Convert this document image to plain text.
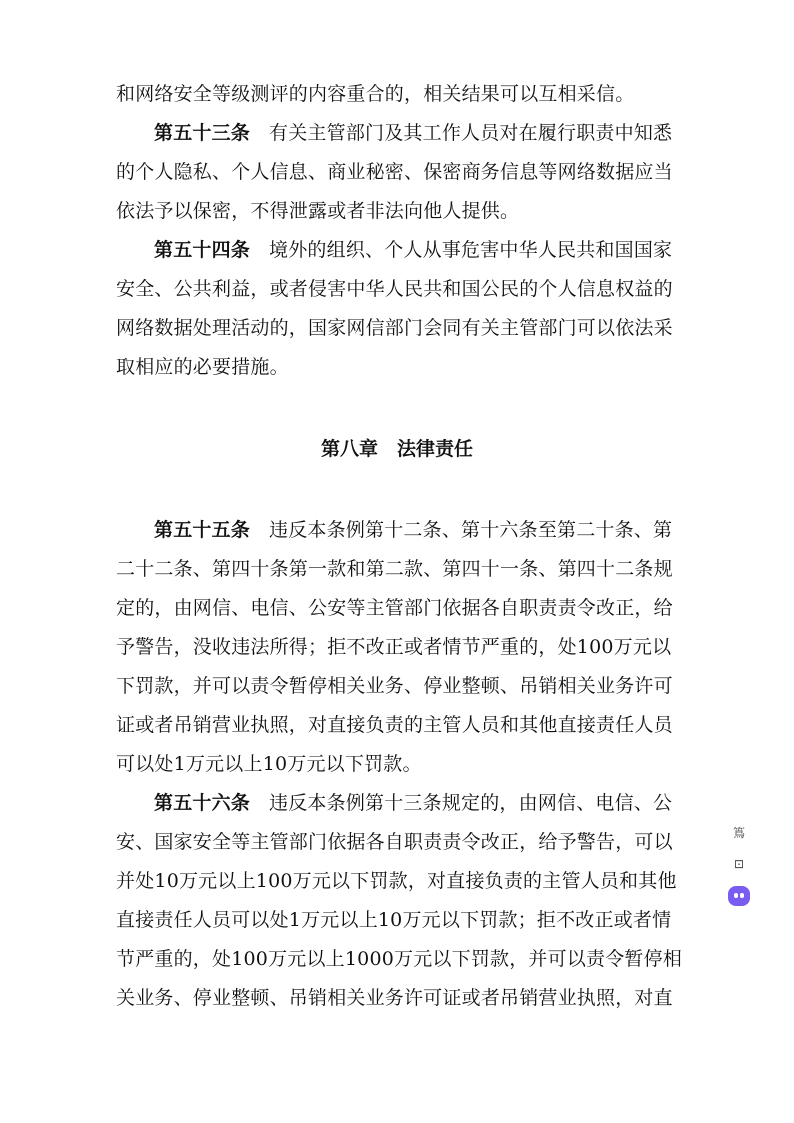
和网络安全等级测评的内容重合的，相关结果可以互相采信。
第五十三条 有关主管部门及其工作人员对在履行职责中知悉
的个人隐私、个人信息、商业秘密、保密商务信息等网络数据应当
依法予以保密，不得泄露或者非法向他人提供。
第五十四条 境外的组织、个人从事危害中华人民共和国国家
安全、公共利益，或者侵害中华人民共和国公民的个人信息权益的
网络数据处理活动的，国家网信部门会同有关主管部门可以依法采
取相应的必要措施。
第八章　法律责任
第五十五条 违反本条例第十二条、第十六条至第二十条、第
二十二条、第四十条第一款和第二款、第四十一条、第四十二条规
定的，由网信、电信、公安等主管部门依据各自职责责令改正，给
予警告，没收违法所得；拒不改正或者情节严重的，处100万元以
下罚款，并可以责令暂停相关业务、停业整顿、吊销相关业务许可
证或者吊销营业执照，对直接负责的主管人员和其他直接责任人员
可以处1万元以上10万元以下罚款。
第五十六条 违反本条例第十三条规定的，由网信、电信、公
安、国家安全等主管部门依据各自职责责令改正，给予警告，可以
并处10万元以上100万元以下罚款，对直接负责的主管人员和其他
直接责任人员可以处1万元以上10万元以下罚款；拒不改正或者情
节严重的，处100万元以上1000万元以下罚款，并可以责令暂停相
关业务、停业整顿、吊销相关业务许可证或者吊销营业执照，对直
䉆
⊡
